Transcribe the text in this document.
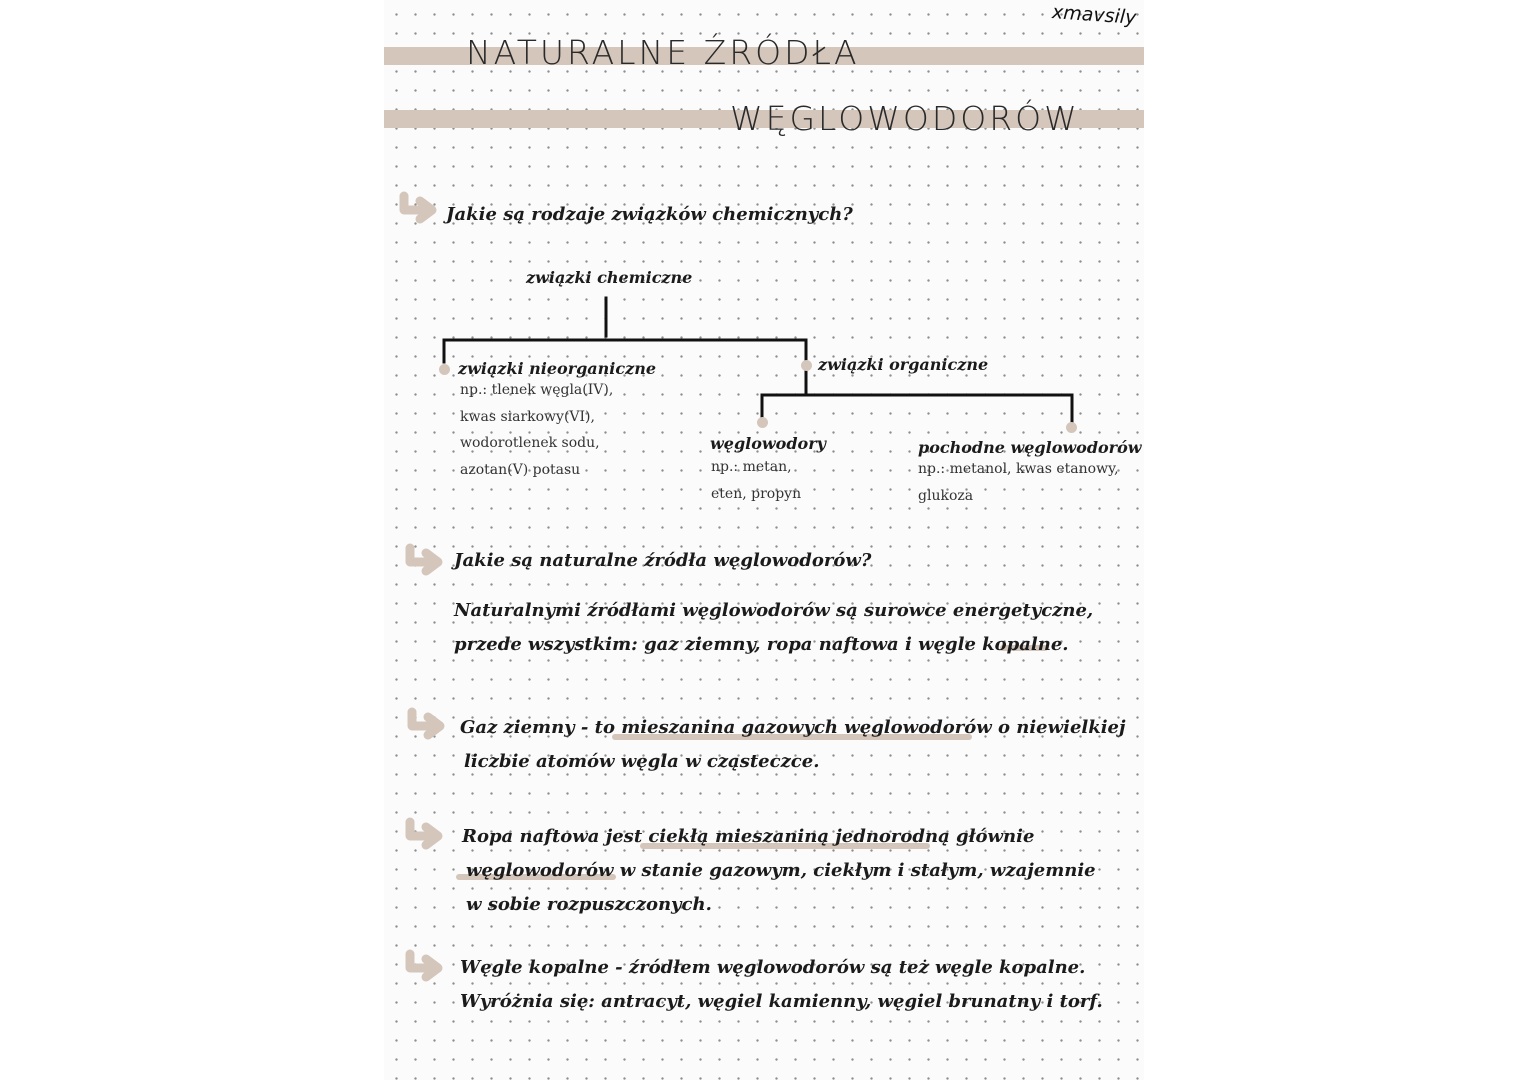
xmavsily
NATURALNE ŹRÓDŁA
WĘGLOWODORÓW
Jakie są rodzaje związków chemicznych?
związki chemiczne
związki nieorganiczne
np.: tlenek węgla(IV),
kwas siarkowy(VI),
wodorotlenek sodu,
azotan(V) potasu
związki organiczne
węglowodory
np.: metan,
eten, propyn
pochodne węglowodorów
np.: metanol, kwas etanowy,
glukoza
Jakie są naturalne źródła węglowodorów?
Naturalnymi źródłami węglowodorów są surowce energetyczne,
przede wszystkim: gaz ziemny, ropa naftowa i węgle kopalne.
Gaz ziemny - to mieszanina gazowych węglowodorów o niewielkiej
liczbie atomów węgla w cząsteczce.
Ropa naftowa jest ciekłą mieszaniną jednorodną głównie
węglowodorów w stanie gazowym, ciekłym i stałym, wzajemnie
w sobie rozpuszczonych.
Węgle kopalne - źródłem węglowodorów są też węgle kopalne.
Wyróżnia się: antracyt, węgiel kamienny, węgiel brunatny i torf.
